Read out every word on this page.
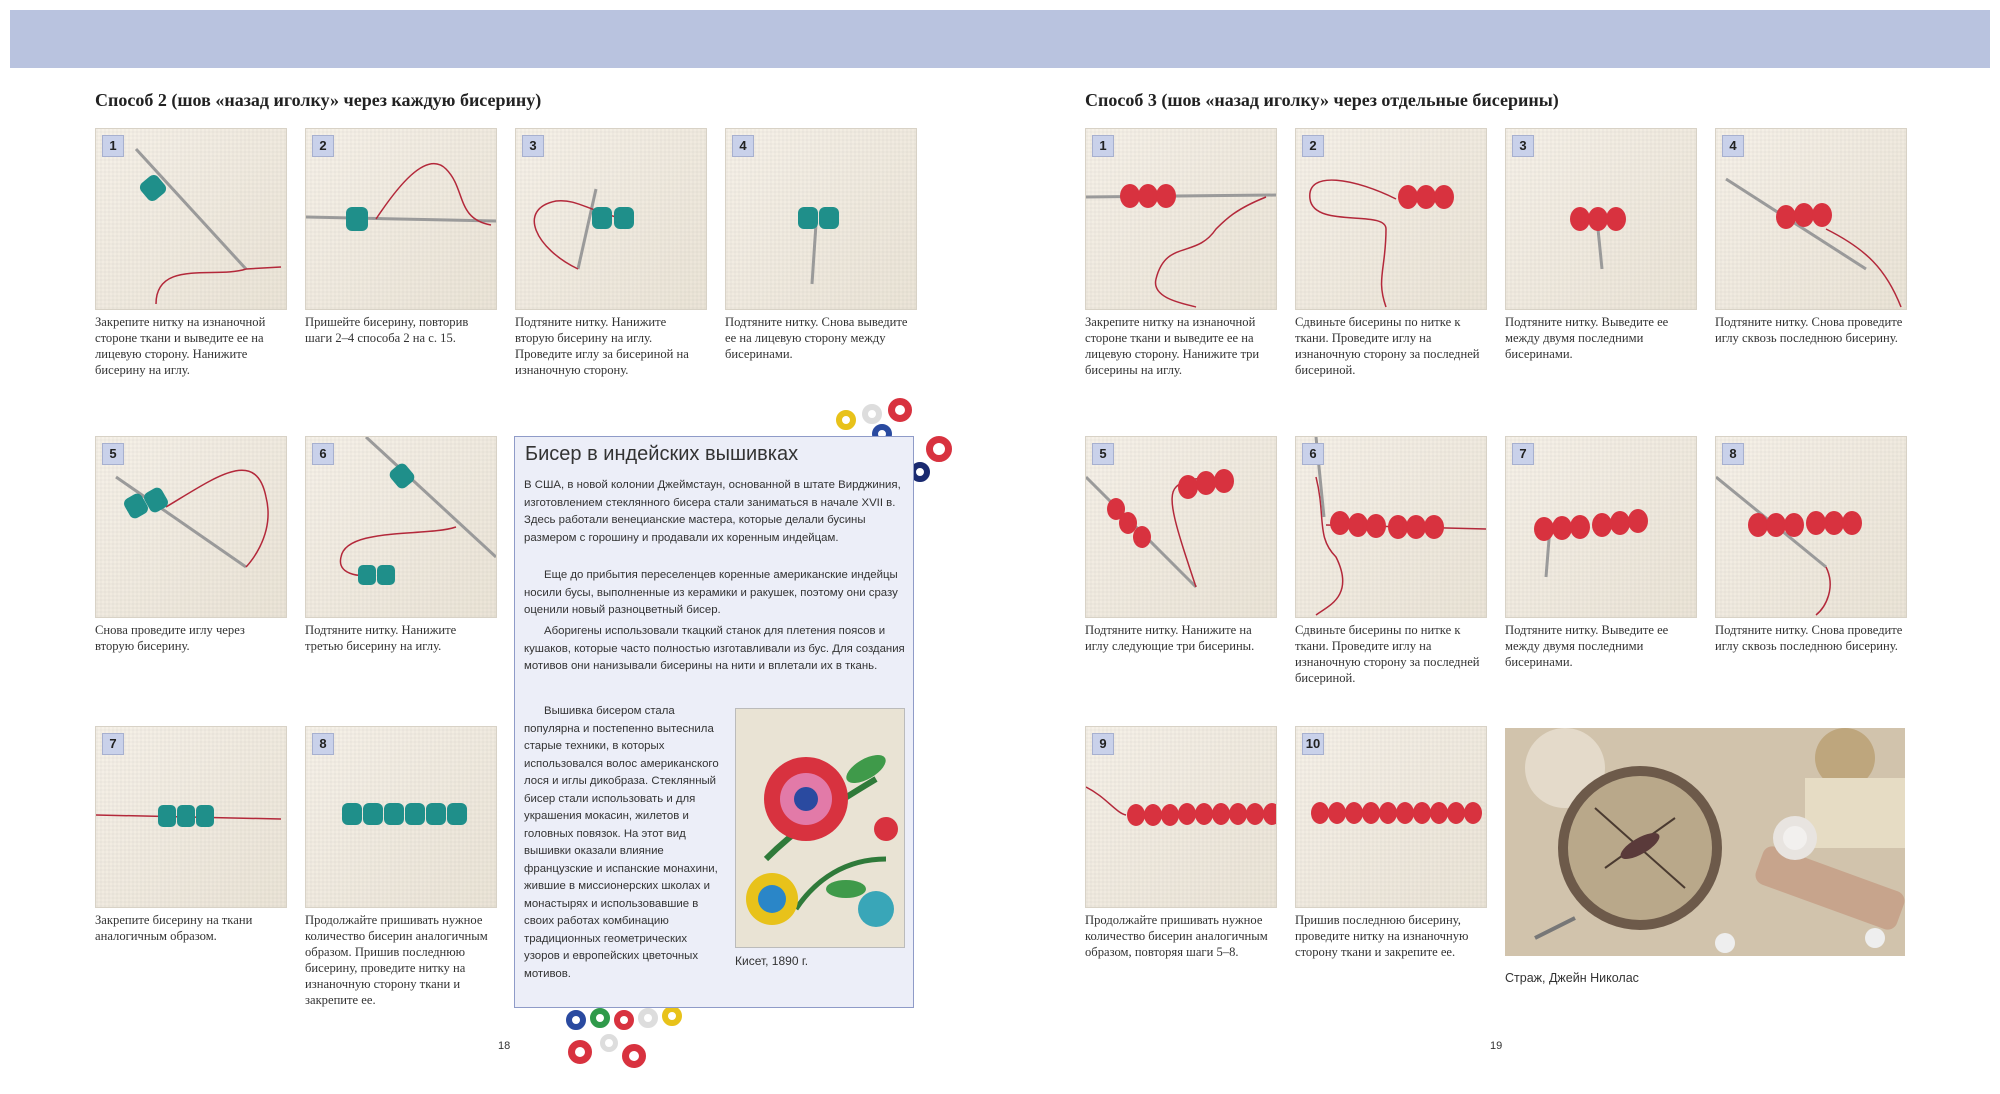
Способ 2 (шов «назад иголку» через каждую бисерину)	Способ 3 (шов «назад иголку» через отдельные бисерины)
1
Закрепите нитку на изнаночной стороне ткани и выведите ее на лицевую сторону. Нанижите бисерину на иглу.
2
Пришейте бисерину, повторив шаги 2–4 способа 2 на с. 15.
3
Подтяните нитку. Нанижите вторую бисерину на иглу. Проведите иглу за бисериной на изнаночную сторону.
4
Подтяните нитку. Снова выведите ее на лицевую сторону между бисеринами.
5
Снова проведите иглу через вторую бисерину.
6
Подтяните нитку. Нанижите третью бисерину на иглу.
7
Закрепите бисерину на ткани аналогичным образом.
8
Продолжайте пришивать нужное количество бисерин аналогичным образом. Пришив последнюю бисерину, проведите нитку на изнаночную сторону ткани и закрепите ее.
Бисер в индейских вышивках
В США, в новой колонии Джеймстаун, основанной в штате Вирджиния, изготовлением стеклянного бисера стали заниматься в начале XVII в. Здесь работали венецианские мастера, которые делали бусины размером с горошину и продавали их коренным индейцам.
Еще до прибытия переселенцев коренные американские индейцы носили бусы, выполненные из керамики и ракушек, поэтому они сразу оценили новый разноцветный бисер.
Аборигены использовали ткацкий станок для плетения поясов и кушаков, которые часто полностью изготавливали из бус. Для создания мотивов они нанизывали бисерины на нити и вплетали их в ткань.
Вышивка бисером стала популярна и постепенно вытеснила старые техники, в которых использовался волос американского лося и иглы дикобраза. Стеклянный бисер стали использовать и для украшения мокасин, жилетов и головных повязок. На этот вид вышивки оказали влияние французские и испанские монахини, жившие в миссионерских школах и монастырях и использовавшие в своих работах комбинацию традиционных геометрических узоров и европейских цветочных мотивов.
Кисет, 1890 г.
1
Закрепите нитку на изнаночной стороне ткани и выведите ее на лицевую сторону. Нанижите три бисерины на иглу.
2
Сдвиньте бисерины по нитке к ткани. Проведите иглу на изнаночную сторону за последней бисериной.
3
Подтяните нитку. Выведите ее между двумя последними бисеринами.
4
Подтяните нитку. Снова проведите иглу сквозь последнюю бисерину.
5
Подтяните нитку. Нанижите на иглу следующие три бисерины.
6
Сдвиньте бисерины по нитке к ткани. Проведите иглу на изнаночную сторону за последней бисериной.
7
Подтяните нитку. Выведите ее между двумя последними бисеринами.
8
Подтяните нитку. Снова проведите иглу сквозь последнюю бисерину.
9
Продолжайте пришивать нужное количество бисерин аналогичным образом, повторяя шаги 5–8.
10
Пришив последнюю бисерину, проведите нитку на изнаночную сторону ткани и закрепите ее.
Страж, Джейн Николас
18	19
